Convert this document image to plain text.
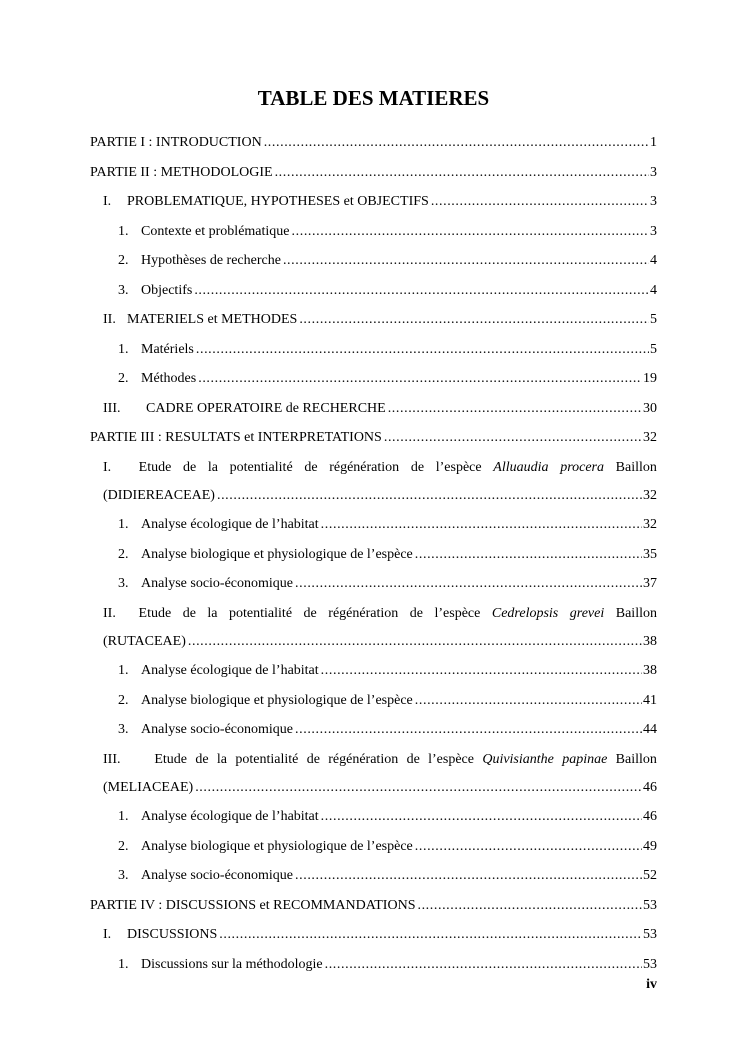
TABLE DES MATIERES
PARTIE I : INTRODUCTION .....	1
PARTIE II : METHODOLOGIE .....	3
I.	PROBLEMATIQUE, HYPOTHESES et OBJECTIFS .....	3
1. Contexte et problématique .....	3
2. Hypothèses de recherche .....	4
3. Objectifs .....	4
II. MATERIELS et METHODES .....	5
1. Matériels .....	5
2. Méthodes .....	19
III.	CADRE OPERATOIRE de RECHERCHE .....	30
PARTIE III : RESULTATS et INTERPRETATIONS .....	32
I.	Etude de la potentialité de régénération de l’espèce Alluaudia procera Baillon
(DIDIEREACEAE) .....	32
1. Analyse écologique de l’habitat .....	32
2. Analyse biologique et physiologique de l’espèce .....	35
3. Analyse socio-économique .....	37
II.	Etude de la potentialité de régénération de l’espèce Cedrelopsis grevei Baillon
(RUTACEAE) .....	38
1. Analyse écologique de l’habitat .....	38
2. Analyse biologique et physiologique de l’espèce .....	41
3. Analyse socio-économique .....	44
III.	Etude de la potentialité de régénération de l’espèce Quivisianthe papinae Baillon
(MELIACEAE) .....	46
1. Analyse écologique de l’habitat .....	46
2. Analyse biologique et physiologique de l’espèce .....	49
3. Analyse socio-économique .....	52
PARTIE IV : DISCUSSIONS et RECOMMANDATIONS .....	53
I.	DISCUSSIONS .....	53
1. Discussions sur la méthodologie .....	53
iv
